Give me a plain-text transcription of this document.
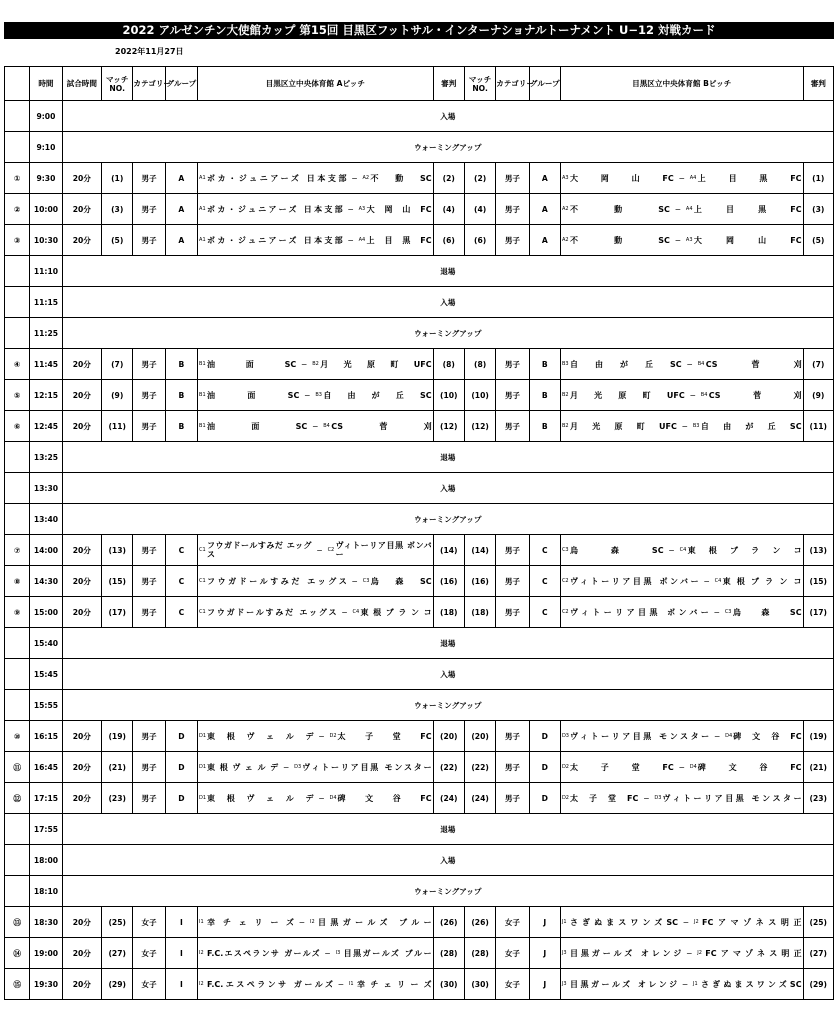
2022 アルゼンチン大使館カップ 第15回 目黒区フットサル・インターナショナルトーナメント U−12 対戦カード
2022年11月27日
	時間	試合時間	マッチ NO.	カテゴリー	グループ	目黒区立中央体育館 Aピッチ	審判	マッチ NO.	カテゴリー	グループ	目黒区立中央体育館 Bピッチ	審判
	9:00	入場										
	9:10	ウォーミングアップ										
①	9:30	20分	(1)	男子	A	A1 ボカ・ジュニアーズ 日本支部 − A2 不動SC	(2)	(2)	男子	A	A3 大岡山FC − A4 上目黒FC	(1)
②	10:00	20分	(3)	男子	A	A1 ボカ・ジュニアーズ 日本支部 − A3 大岡山FC	(4)	(4)	男子	A	A2 不動SC − A4 上目黒FC	(3)
③	10:30	20分	(5)	男子	A	A1 ボカ・ジュニアーズ 日本支部 − A4 上目黒FC	(6)	(6)	男子	A	A2 不動SC − A3 大岡山FC	(5)
	11:10	退場										
	11:15	入場										
	11:25	ウォーミングアップ										
④	11:45	20分	(7)	男子	B	B1 油面SC − B2 月光原町UFC	(8)	(8)	男子	B	B3 自由が丘SC − B4 CS菅刈	(7)
⑤	12:15	20分	(9)	男子	B	B1 油面SC − B3 自由が丘SC	(10)	(10)	男子	B	B2 月光原町UFC − B4 CS菅刈	(9)
⑥	12:45	20分	(11)	男子	B	B1 油面SC − B4 CS菅刈	(12)	(12)	男子	B	B2 月光原町UFC − B3 自由が丘SC	(11)
	13:25	退場										
	13:30	入場										
	13:40	ウォーミングアップ										
⑦	14:00	20分	(13)	男子	C	C1 フウガドールすみだ エッグス − C2 ヴィトーリア目黒 ボンバー	(14)	(14)	男子	C	C3 烏森SC − C4 東根ブランコ	(13)
⑧	14:30	20分	(15)	男子	C	C1 フウガドールすみだ エッグス − C3 烏森SC	(16)	(16)	男子	C	C2 ヴィトーリア目黒 ボンバー − C4 東根ブランコ	(15)
⑨	15:00	20分	(17)	男子	C	C1 フウガドールすみだ エッグス − C4 東根ブランコ	(18)	(18)	男子	C	C2 ヴィトーリア目黒 ボンバー − C3 烏森SC	(17)
	15:40	退場										
	15:45	入場										
	15:55	ウォーミングアップ										
⑩	16:15	20分	(19)	男子	D	D1 東根ヴェルデ − D2 太子堂FC	(20)	(20)	男子	D	D3 ヴィトーリア目黒 モンスター − D4 碑文谷FC	(19)
⑪	16:45	20分	(21)	男子	D	D1 東根ヴェルデ − D3 ヴィトーリア目黒 モンスター	(22)	(22)	男子	D	D2 太子堂FC − D4 碑文谷FC	(21)
⑫	17:15	20分	(23)	男子	D	D1 東根ヴェルデ − D4 碑文谷FC	(24)	(24)	男子	D	D2 太子堂FC − D3 ヴィトーリア目黒 モンスター	(23)
	17:55	退場										
	18:00	入場										
	18:10	ウォーミングアップ										
⑬	18:30	20分	(25)	女子	I	I1 幸チェリーズ − I2 目黒ガールズ ブルー	(26)	(26)	女子	J	J1 さぎぬまスワンズSC − J2 FCアマゾネス明正	(25)
⑭	19:00	20分	(27)	女子	I	I2 F.C.エスペランサ ガールズ − I3 目黒ガールズ ブルー	(28)	(28)	女子	J	J3 目黒ガールズ オレンジ − J2 FCアマゾネス明正	(27)
⑮	19:30	20分	(29)	女子	I	I2 F.C.エスペランサ ガールズ − I1 幸チェリーズ	(30)	(30)	女子	J	J3 目黒ガールズ オレンジ − J1 さぎぬまスワンズSC	(29)
